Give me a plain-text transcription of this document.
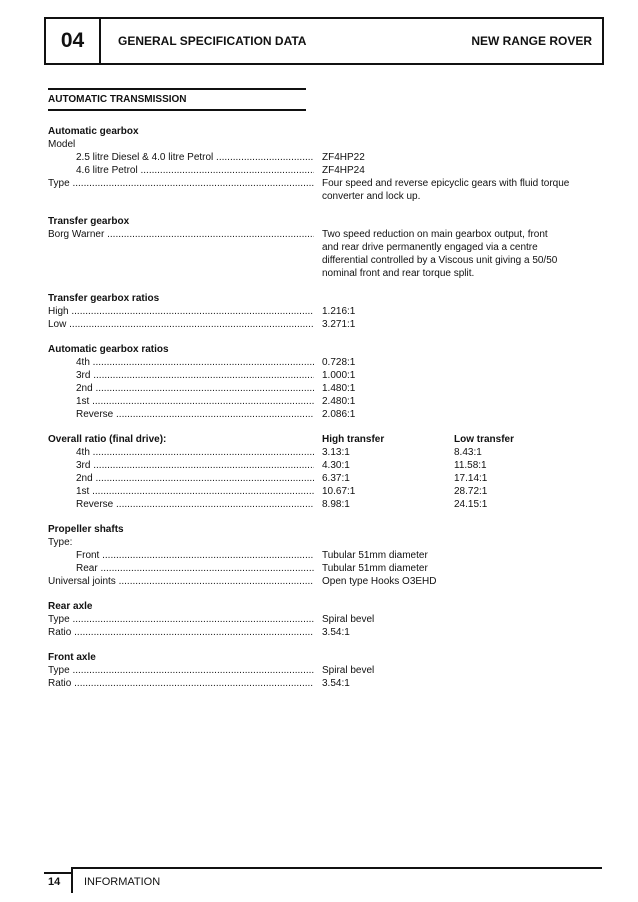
04	GENERAL SPECIFICATION DATA	NEW RANGE ROVER
AUTOMATIC TRANSMISSION
Automatic gearbox
Model
2.5 litre Diesel & 4.0 litre Petrol .....	ZF4HP22
4.6 litre Petrol .....	ZF4HP24
Type .....	Four speed and reverse epicyclic gears with fluid torque converter and lock up.
Transfer gearbox
Borg Warner .....	Two speed reduction on main gearbox output, front and rear drive permanently engaged via a centre differential controlled by a Viscous unit giving a 50/50 nominal front and rear torque split.
Transfer gearbox ratios
High .....	1.216:1
Low .....	3.271:1
Automatic gearbox ratios
4th .....	0.728:1
3rd .....	1.000:1
2nd .....	1.480:1
1st .....	2.480:1
Reverse .....	2.086:1
Overall ratio (final drive):	High transfer	Low transfer
4th .....	3.13:1	8.43:1
3rd .....	4.30:1	11.58:1
2nd .....	6.37:1	17.14:1
1st .....	10.67:1	28.72:1
Reverse .....	8.98:1	24.15:1
Propeller shafts
Type:
Front .....	Tubular 51mm diameter
Rear .....	Tubular 51mm diameter
Universal joints .....	Open type Hooks O3EHD
Rear axle
Type .....	Spiral bevel
Ratio .....	3.54:1
Front axle
Type .....	Spiral bevel
Ratio .....	3.54:1
14 INFORMATION
